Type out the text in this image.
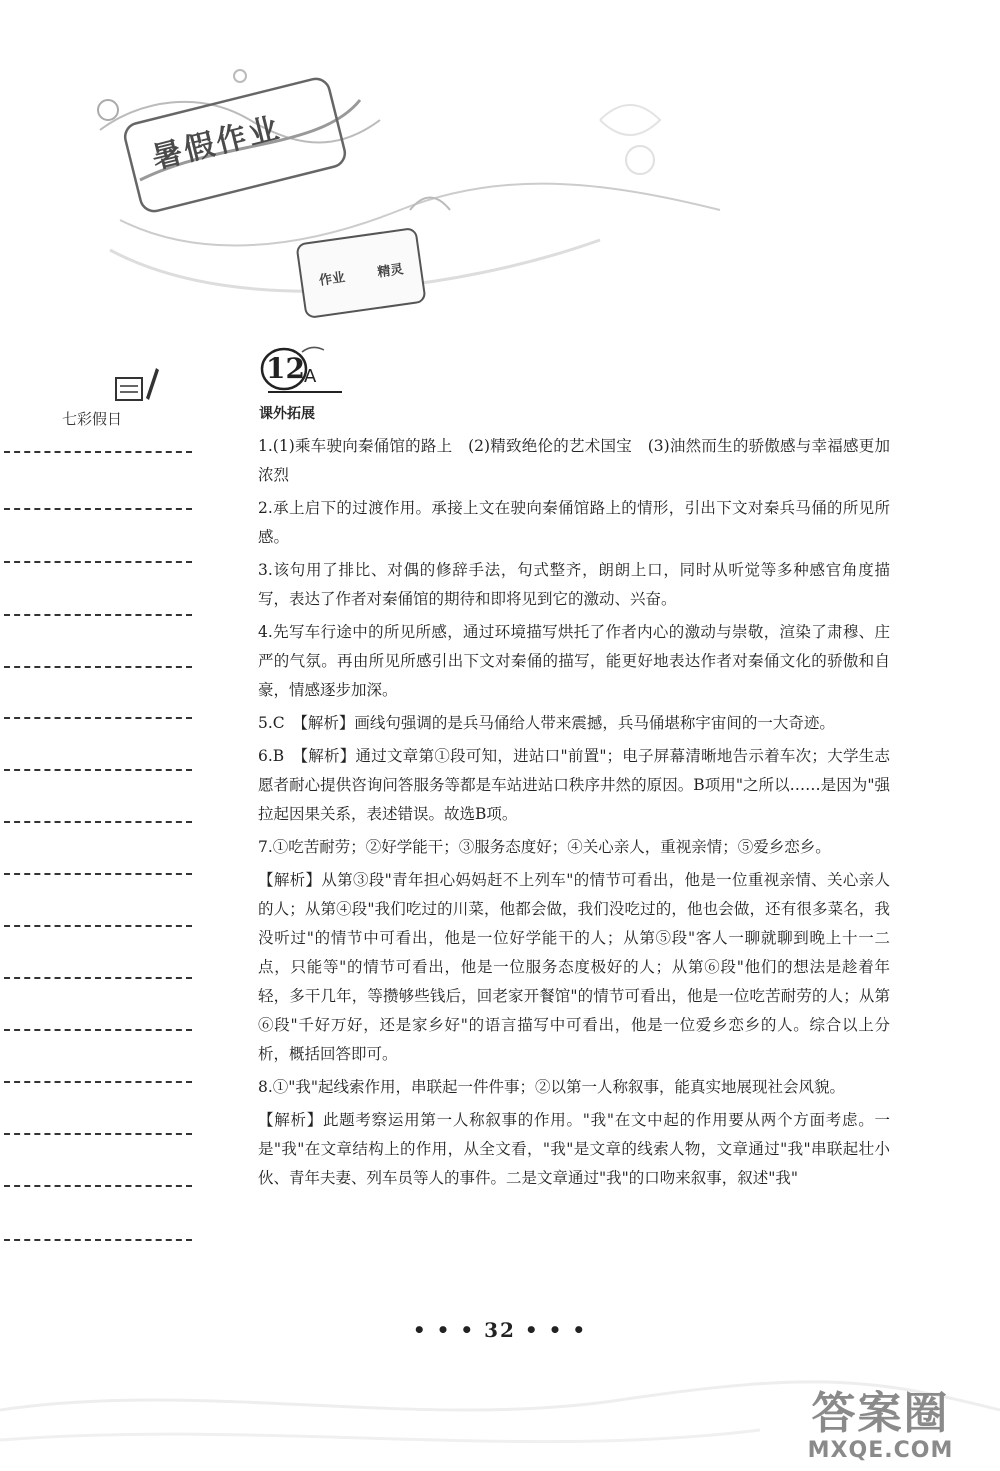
暑假作业
作业 精灵
七彩假日
12 A
课外拓展

1.(1)乘车驶向秦俑馆的路上　(2)精致绝伦的艺术国宝　(3)油然而生的骄傲感与幸福感更加浓烈

2.承上启下的过渡作用。承接上文在驶向秦俑馆路上的情形，引出下文对秦兵马俑的所见所感。

3.该句用了排比、对偶的修辞手法，句式整齐，朗朗上口，同时从听觉等多种感官角度描写，表达了作者对秦俑馆的期待和即将见到它的激动、兴奋。

4.先写车行途中的所见所感，通过环境描写烘托了作者内心的激动与崇敬，渲染了肃穆、庄严的气氛。再由所见所感引出下文对秦俑的描写，能更好地表达作者对秦俑文化的骄傲和自豪，情感逐步加深。

5.C　【解析】画线句强调的是兵马俑给人带来震撼，兵马俑堪称宇宙间的一大奇迹。

6.B　【解析】通过文章第①段可知，进站口"前置"；电子屏幕清晰地告示着车次；大学生志愿者耐心提供咨询问答服务等都是车站进站口秩序井然的原因。B项用"之所以……是因为"强拉起因果关系，表述错误。故选B项。

7.①吃苦耐劳；②好学能干；③服务态度好；④关心亲人，重视亲情；⑤爱乡恋乡。

【解析】从第③段"青年担心妈妈赶不上列车"的情节可看出，他是一位重视亲情、关心亲人的人；从第④段"我们吃过的川菜，他都会做，我们没吃过的，他也会做，还有很多菜名，我没听过"的情节中可看出，他是一位好学能干的人；从第⑤段"客人一聊就聊到晚上十一二点，只能等"的情节可看出，他是一位服务态度极好的人；从第⑥段"他们的想法是趁着年轻，多干几年，等攒够些钱后，回老家开餐馆"的情节可看出，他是一位吃苦耐劳的人；从第⑥段"千好万好，还是家乡好"的语言描写中可看出，他是一位爱乡恋乡的人。综合以上分析，概括回答即可。

8.①"我"起线索作用，串联起一件件事；②以第一人称叙事，能真实地展现社会风貌。

【解析】此题考察运用第一人称叙事的作用。"我"在文中起的作用要从两个方面考虑。一是"我"在文章结构上的作用，从全文看，"我"是文章的线索人物，文章通过"我"串联起壮小伙、青年夫妻、列车员等人的事件。二是文章通过"我"的口吻来叙事，叙述"我"

• • • 32 • • •
答案圈
MXQE.COM
